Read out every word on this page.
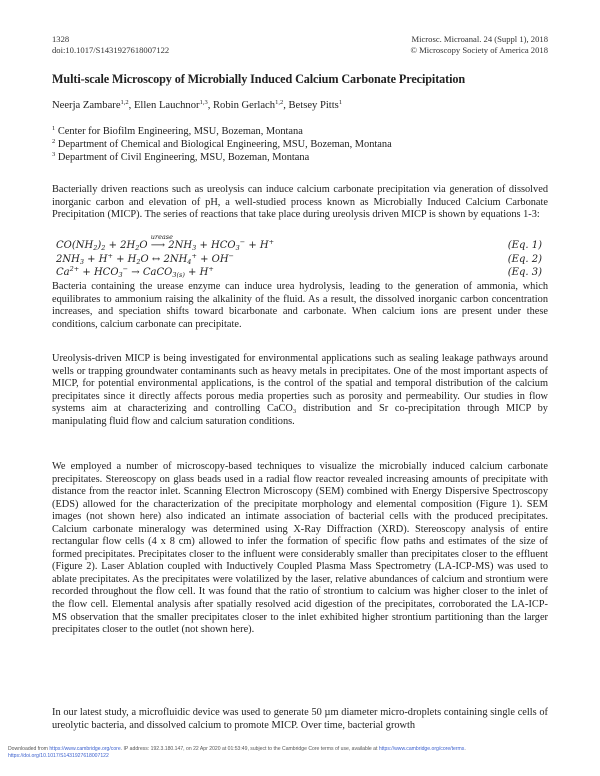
1328
doi:10.1017/S1431927618007122
Microsc. Microanal. 24 (Suppl 1), 2018
© Microscopy Society of America 2018
Multi-scale Microscopy of Microbially Induced Calcium Carbonate Precipitation
Neerja Zambare$^{1,2}$, Ellen Lauchnor$^{1,3}$, Robin Gerlach$^{1,2}$, Betsey Pitts$^1$
$^1$ Center for Biofilm Engineering, MSU, Bozeman, Montana
$^2$ Department of Chemical and Biological Engineering, MSU, Bozeman, Montana
$^3$ Department of Civil Engineering, MSU, Bozeman, Montana
Bacterially driven reactions such as ureolysis can induce calcium carbonate precipitation via generation of dissolved inorganic carbon and elevation of pH, a well-studied process known as Microbially Induced Calcium Carbonate Precipitation (MICP). The series of reactions that take place during ureolysis driven MICP is shown by equations 1-3:
$CO(NH_2)_2 + 2H_2O$
urease
⟶ $2NH_3 + HCO_3^- + H^+$	(Eq. 1)
$2NH_3 + H^+ + H_2O$ ↔ $2NH_4^+ + OH^-$	(Eq. 2)
$Ca^{2+} + HCO_3^-$ → CaCO$_{3(s)}$ + H+	(Eq. 3)
Bacteria containing the urease enzyme can induce urea hydrolysis, leading to the generation of ammonia, which equilibrates to ammonium raising the alkalinity of the fluid. As a result, the dissolved inorganic carbon concentration increases, and speciation shifts toward bicarbonate and carbonate. When calcium ions are present under these conditions, calcium carbonate can precipitate.
Ureolysis-driven MICP is being investigated for environmental applications such as sealing leakage pathways around wells or trapping groundwater contaminants such as heavy metals in precipitates. One of the most important aspects of MICP, for potential environmental applications, is the control of the spatial and temporal distribution of the calcium precipitates since it directly affects porous media properties such as porosity and permeability. Our studies in flow systems aim at characterizing and controlling CaCO$_3$ distribution and Sr co-precipitation through MICP by manipulating fluid flow and calcium saturation conditions.
We employed a number of microscopy-based techniques to visualize the microbially induced calcium carbonate precipitates. Stereoscopy on glass beads used in a radial flow reactor revealed increasing amounts of precipitate with distance from the reactor inlet. Scanning Electron Microscopy (SEM) combined with Energy Dispersive Spectroscopy (EDS) allowed for the characterization of the precipitate morphology and elemental composition (Figure 1). SEM images (not shown here) also indicated an intimate association of bacterial cells with the produced precipitates. Calcium carbonate mineralogy was determined using X-Ray Diffraction (XRD). Stereoscopy analysis of entire rectangular flow cells (4 x 8 cm) allowed to infer the formation of specific flow paths and estimates of the size of formed precipitates. Precipitates closer to the influent were considerably smaller than precipitates closer to the effluent (Figure 2). Laser Ablation coupled with Inductively Coupled Plasma Mass Spectrometry (LA-ICP-MS) was used to ablate precipitates. As the precipitates were volatilized by the laser, relative abundances of calcium and strontium were recorded throughout the flow cell. It was found that the ratio of strontium to calcium was higher closer to the inlet of the flow cell. Elemental analysis after spatially resolved acid digestion of the precipitates, corroborated the LA-ICP-MS observation that the smaller precipitates closer to the inlet exhibited higher strontium partitioning than the larger precipitates closer to the outlet (not shown here).
In our latest study, a microfluidic device was used to generate 50 µm diameter micro-droplets containing single cells of ureolytic bacteria, and dissolved calcium to promote MICP. Over time, bacterial growth
Downloaded from https://www.cambridge.org/core. IP address: 192.3.180.147, on 22 Apr 2020 at 01:53:49, subject to the Cambridge Core terms of use, available at https://www.cambridge.org/core/terms.
https://doi.org/10.1017/S1431927618007122
